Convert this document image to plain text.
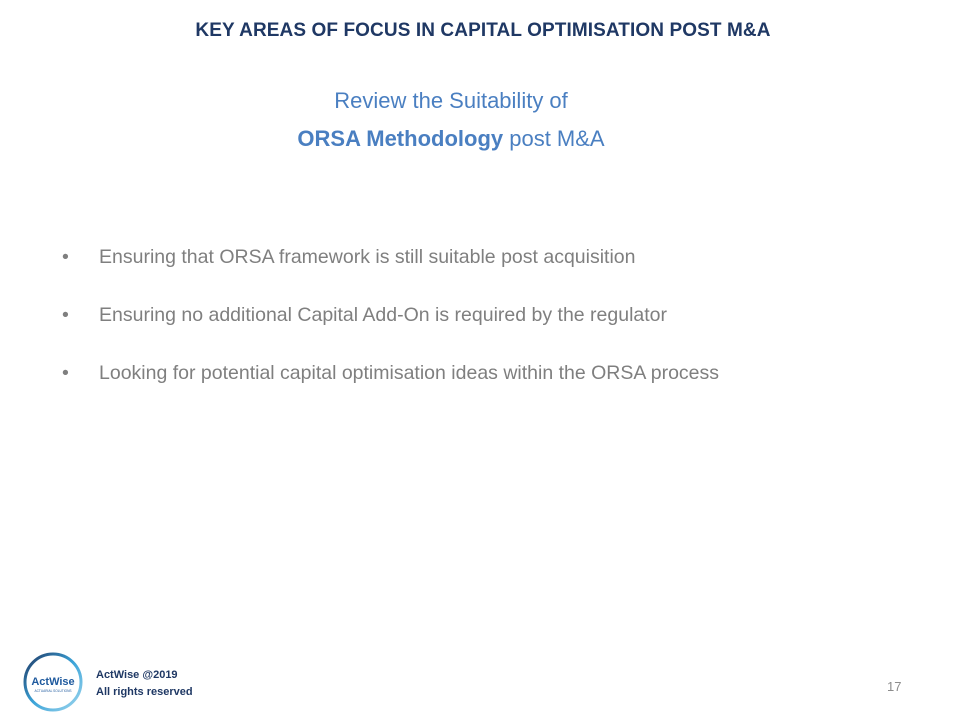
KEY AREAS OF FOCUS IN CAPITAL OPTIMISATION POST M&A
Review the Suitability of
ORSA Methodology post M&A
• Ensuring that ORSA framework is still suitable post acquisition
• Ensuring no additional Capital Add-On is required by the regulator
• Looking for potential capital optimisation ideas within the ORSA process
ActWise
ACTUARIAL SOLUTIONS
ActWise @2019
All rights reserved	17
